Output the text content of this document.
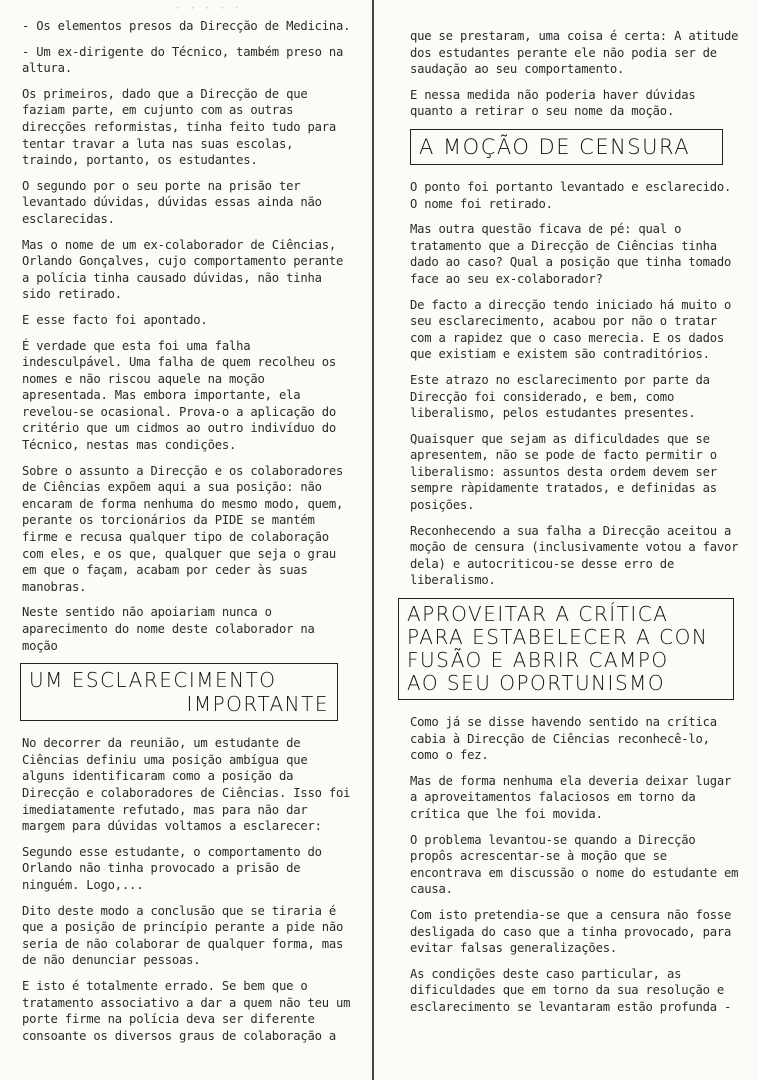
· · · · ·

- Os elementos presos da Direcção de Medicina.

- Um ex-dirigente do Técnico, também preso na altura.

Os primeiros, dado que a Direcção de que faziam parte, em cujunto com as outras direcções reformistas, tinha feito tudo para tentar travar a luta nas suas escolas, traindo, portanto, os estudantes.

O segundo por o seu porte na prisão ter levantado dúvidas, dúvidas essas ainda não esclarecidas.

Mas o nome de um ex-colaborador de Ciências, Orlando Gonçalves, cujo comportamento perante a polícia tinha causado dúvidas, não tinha sido retirado.

E esse facto foi apontado.

É verdade que esta foi uma falha indesculpável. Uma falha de quem recolheu os nomes e não riscou aquele na moção apresentada. Mas embora importante, ela revelou-se ocasional. Prova-o a aplicação do critério que um cidmos ao outro indivíduo do Técnico, nestas mas condições.

Sobre o assunto a Direcção e os colaboradores de Ciências expõem aqui a sua posição: não encaram de forma nenhuma do mesmo modo, quem, perante os torcionários da PIDE se mantém firme e recusa qualquer tipo de colaboração com eles, e os que, qualquer que seja o grau em que o façam, acabam por ceder às suas manobras.

Neste sentido não apoiariam nunca o aparecimento do nome deste colaborador na moção

UM ESCLARECIMENTO
IMPORTANTE

No decorrer da reunião, um estudante de Ciências definiu uma posição ambígua que alguns identificaram como a posição da Direcção e colaboradores de Ciências. Isso foi imediatamente refutado, mas para não dar margem para dúvidas voltamos a esclarecer:

Segundo esse estudante, o comportamento do Orlando não tinha provocado a prisão de ninguém. Logo,...

Dito deste modo a conclusão que se tiraria é que a posição de princípio perante a pide não seria de não colaborar de qualquer forma, mas de não denunciar pessoas.

E isto é totalmente errado. Se bem que o tratamento associativo a dar a quem não teu um porte firme na polícia deva ser diferente consoante os diversos graus de colaboração a

que se prestaram, uma coisa é certa: A atitude dos estudantes perante ele não podia ser de saudação ao seu comportamento.

E nessa medida não poderia haver dúvidas quanto a retirar o seu nome da moção.

A MOÇÃO DE CENSURA

O ponto foi portanto levantado e esclarecido. O nome foi retirado.

Mas outra questão ficava de pé: qual o tratamento que a Direcção de Ciências tinha dado ao caso? Qual a posição que tinha tomado face ao seu ex-colaborador?

De facto a direcção tendo iniciado há muito o seu esclarecimento, acabou por não o tratar com a rapidez que o caso merecia. E os dados que existiam e existem são contraditórios.

Este atrazo no esclarecimento por parte da Direcção foi considerado, e bem, como liberalismo, pelos estudantes presentes.

Quaisquer que sejam as dificuldades que se apresentem, não se pode de facto permitir o liberalismo: assuntos desta ordem devem ser sempre ràpidamente tratados, e definidas as posições.

Reconhecendo a sua falha a Direcção aceitou a moção de censura (inclusivamente votou a favor dela) e autocriticou-se desse erro de liberalismo.

APROVEITAR A CRÍTICA
PARA ESTABELECER A CON
FUSÃO E ABRIR CAMPO
AO SEU OPORTUNISMO

Como já se disse havendo sentido na crítica cabia à Direcção de Ciências reconhecê-lo, como o fez.

Mas de forma nenhuma ela deveria deixar lugar a aproveitamentos falaciosos em torno da crítica que lhe foi movida.

O problema levantou-se quando a Direcção propôs acrescentar-se à moção que se encontrava em discussão o nome do estudante em causa.

Com isto pretendia-se que a censura não fosse desligada do caso que a tinha provocado, para evitar falsas generalizações.

As condições deste caso particular, as dificuldades que em torno da sua resolução e esclarecimento se levantaram estão profunda -
